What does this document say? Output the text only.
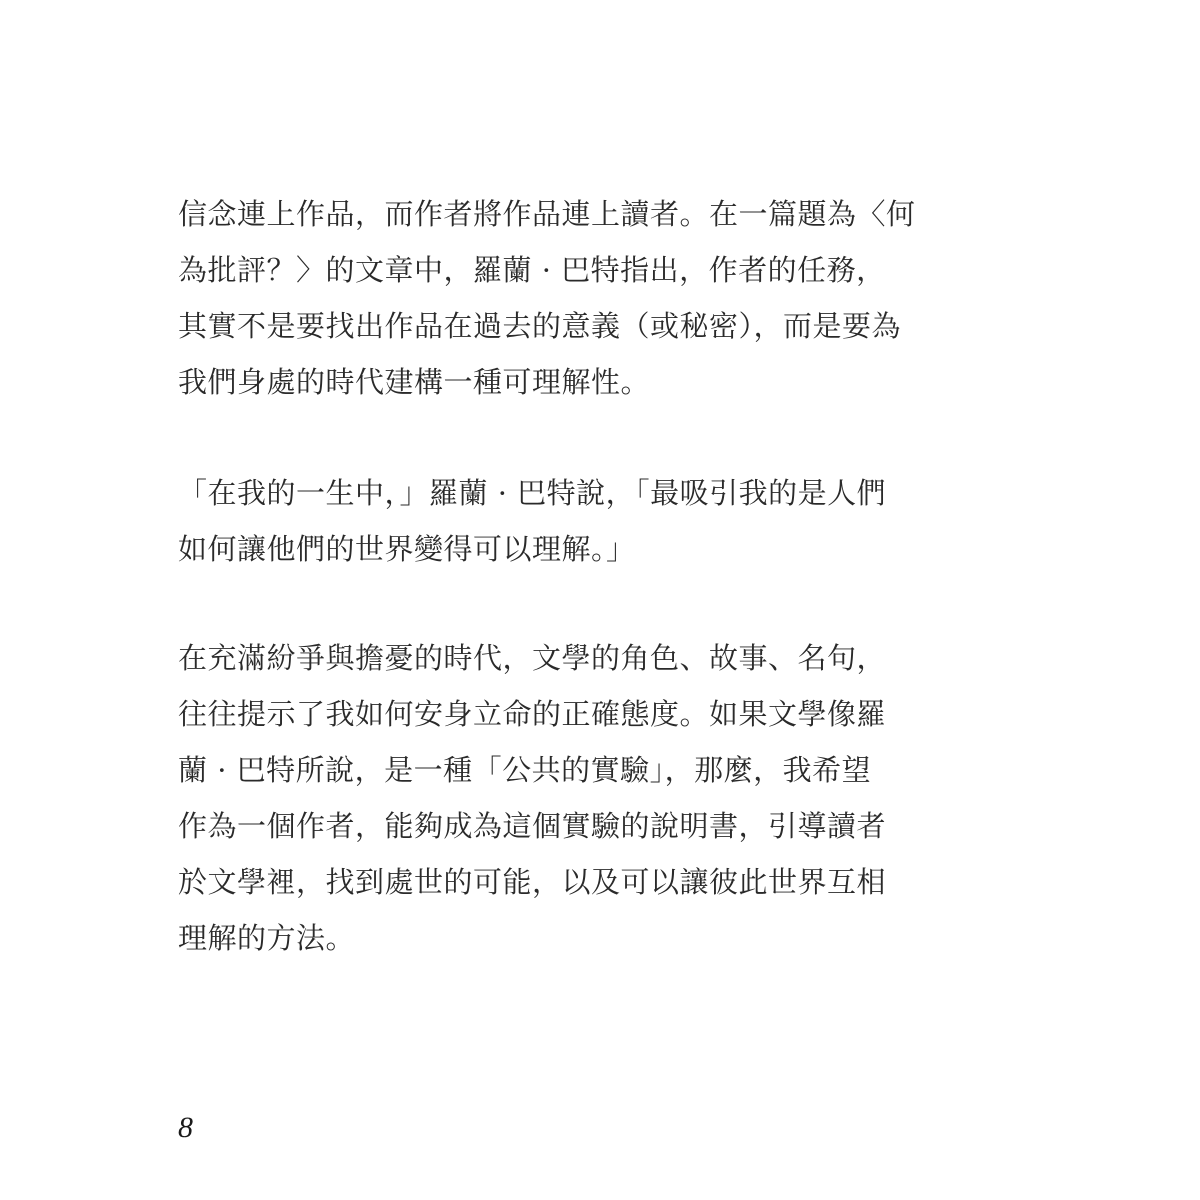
信念連上作品，而作者將作品連上讀者。在一篇題為〈何
為批評？〉的文章中，羅蘭 · 巴特指出，作者的任務，
其實不是要找出作品在過去的意義（或秘密），而是要為
我們身處的時代建構一種可理解性。
「在我的一生中，」羅蘭 · 巴特說，「最吸引我的是人們
如何讓他們的世界變得可以理解。」
在充滿紛爭與擔憂的時代，文學的角色、故事、名句，
往往提示了我如何安身立命的正確態度。如果文學像羅
蘭 · 巴特所說，是一種「公共的實驗」，那麼，我希望
作為一個作者，能夠成為這個實驗的說明書，引導讀者
於文學裡，找到處世的可能，以及可以讓彼此世界互相
理解的方法。
8
